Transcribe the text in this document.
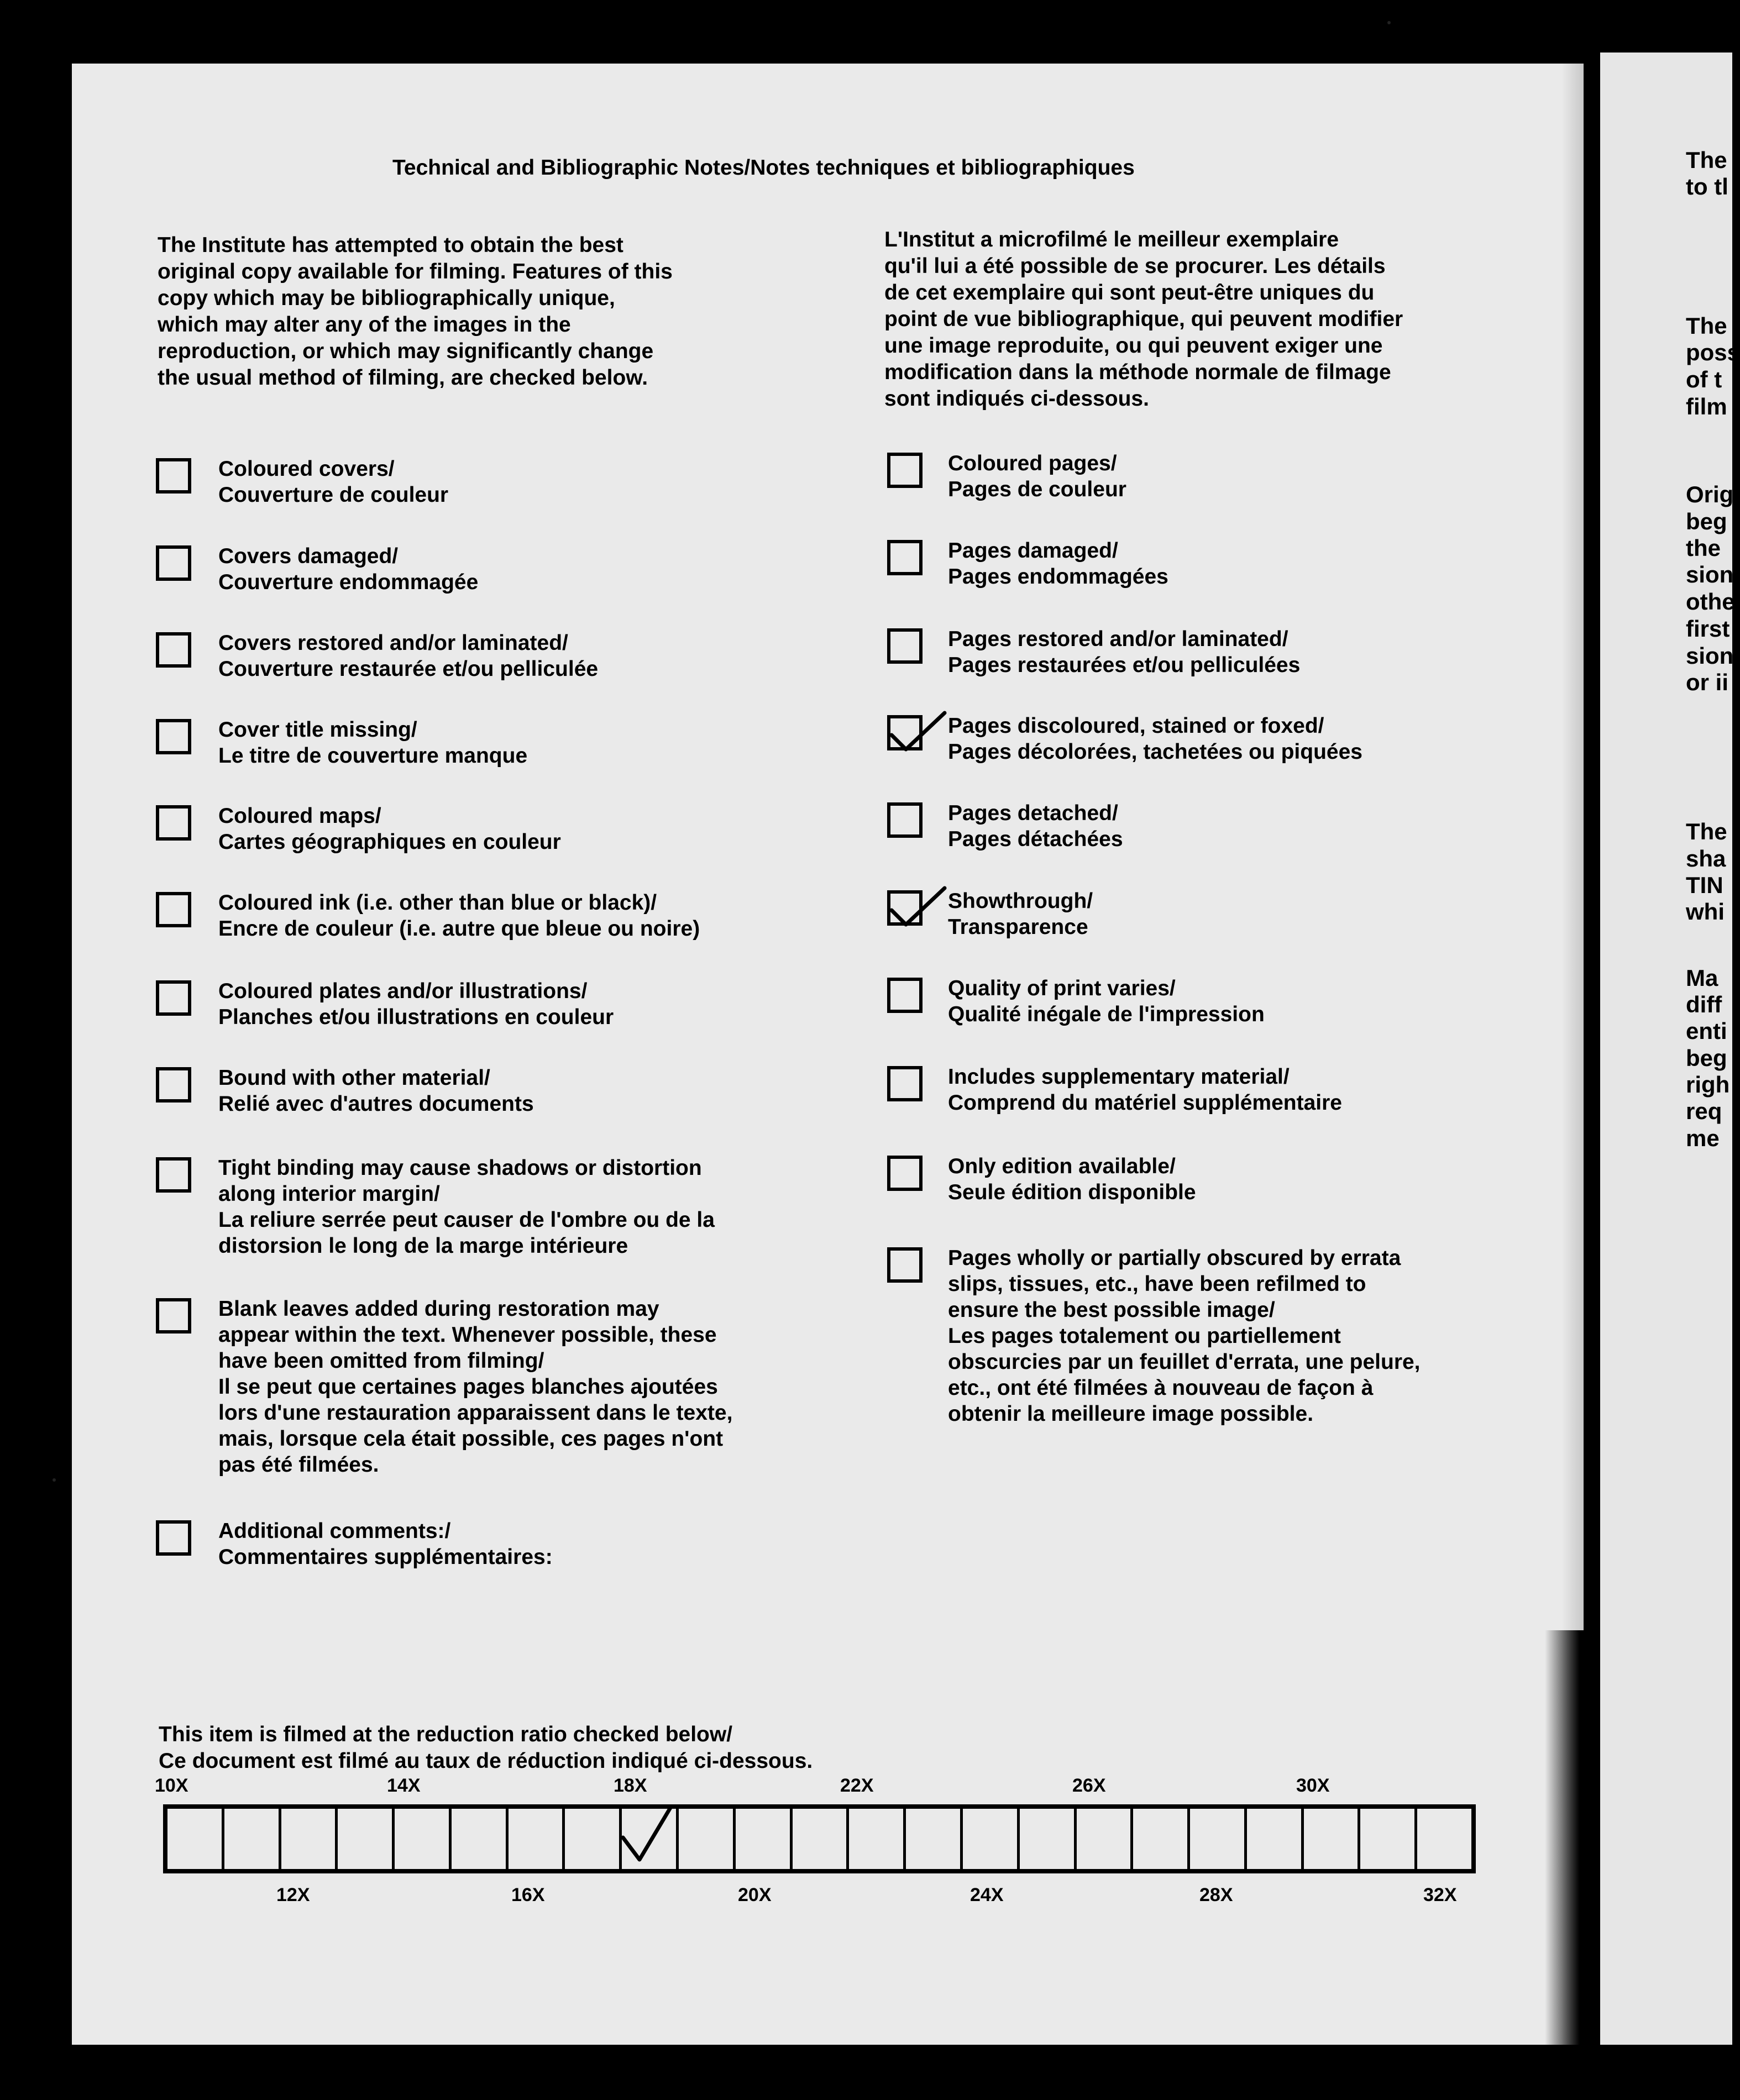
Technical and Bibliographic Notes/Notes techniques et bibliographiques
The Institute has attempted to obtain the best
original copy available for filming. Features of this
copy which may be bibliographically unique,
which may alter any of the images in the
reproduction, or which may significantly change
the usual method of filming, are checked below.
L'Institut a microfilmé le meilleur exemplaire
qu'il lui a été possible de se procurer. Les détails
de cet exemplaire qui sont peut-être uniques du
point de vue bibliographique, qui peuvent modifier
une image reproduite, ou qui peuvent exiger une
modification dans la méthode normale de filmage
sont indiqués ci-dessous.
Coloured covers/
Couverture de couleur
Covers damaged/
Couverture endommagée
Covers restored and/or laminated/
Couverture restaurée et/ou pelliculée
Cover title missing/
Le titre de couverture manque
Coloured maps/
Cartes géographiques en couleur
Coloured ink (i.e. other than blue or black)/
Encre de couleur (i.e. autre que bleue ou noire)
Coloured plates and/or illustrations/
Planches et/ou illustrations en couleur
Bound with other material/
Relié avec d'autres documents
Tight binding may cause shadows or distortion
along interior margin/
La reliure serrée peut causer de l'ombre ou de la
distorsion le long de la marge intérieure
Blank leaves added during restoration may
appear within the text. Whenever possible, these
have been omitted from filming/
Il se peut que certaines pages blanches ajoutées
lors d'une restauration apparaissent dans le texte,
mais, lorsque cela était possible, ces pages n'ont
pas été filmées.
Additional comments:/
Commentaires supplémentaires:
Coloured pages/
Pages de couleur
Pages damaged/
Pages endommagées
Pages restored and/or laminated/
Pages restaurées et/ou pelliculées
Pages discoloured, stained or foxed/
Pages décolorées, tachetées ou piquées
Pages detached/
Pages détachées
Showthrough/
Transparence
Quality of print varies/
Qualité inégale de l'impression
Includes supplementary material/
Comprend du matériel supplémentaire
Only edition available/
Seule édition disponible
Pages wholly or partially obscured by errata
slips, tissues, etc., have been refilmed to
ensure the best possible image/
Les pages totalement ou partiellement
obscurcies par un feuillet d'errata, une pelure,
etc., ont été filmées à nouveau de façon à
obtenir la meilleure image possible.
This item is filmed at the reduction ratio checked below/
Ce document est filmé au taux de réduction indiqué ci-dessous.
10X	14X	18X	22X	26X	30X
12X	16X	20X	24X	28X	32X
The
to tl
The
poss
of t
film
Orig
beg
the
sion
othe
first
sion
or ii
The
sha
TIN
whi
Ma
diff
enti
beg
righ
req
me
